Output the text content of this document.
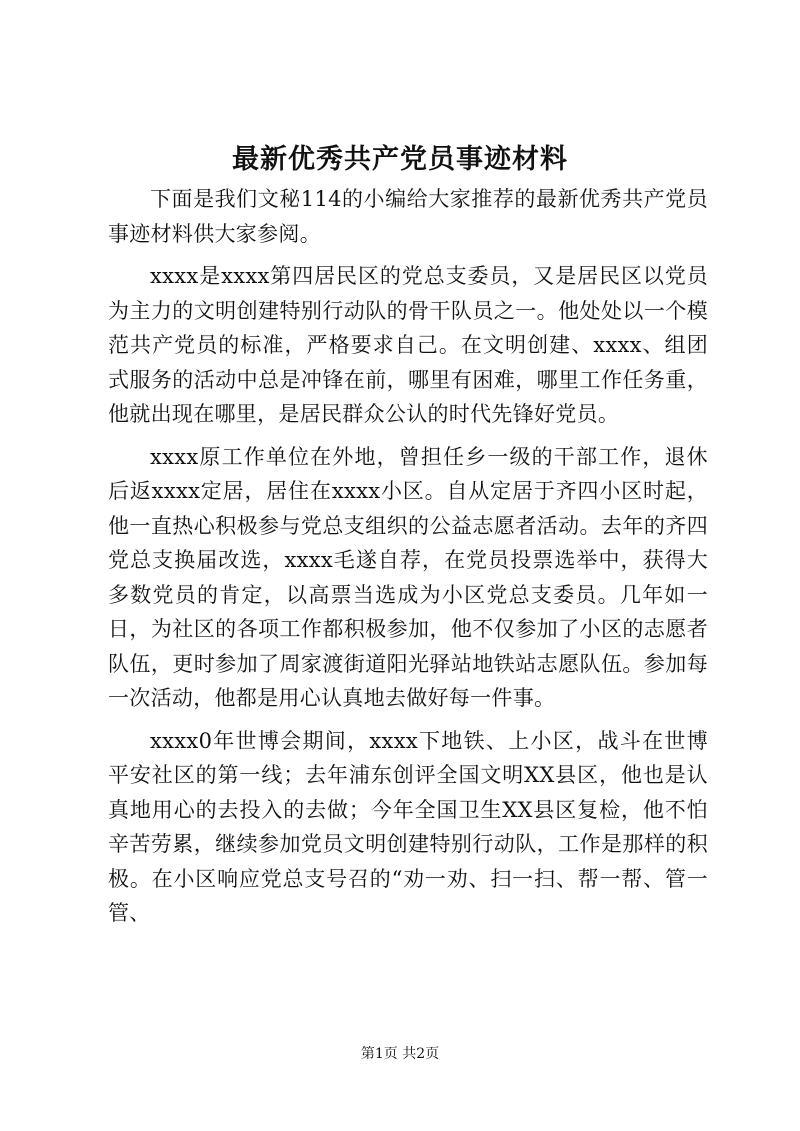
最新优秀共产党员事迹材料

下面是我们文秘114的小编给大家推荐的最新优秀共产党员事迹材料供大家参阅。

xxxx是xxxx第四居民区的党总支委员，又是居民区以党员为主力的文明创建特别行动队的骨干队员之一。他处处以一个模范共产党员的标准，严格要求自己。在文明创建、xxxx、组团式服务的活动中总是冲锋在前，哪里有困难，哪里工作任务重，他就出现在哪里，是居民群众公认的时代先锋好党员。

xxxx原工作单位在外地，曾担任乡一级的干部工作，退休后返xxxx定居，居住在xxxx小区。自从定居于齐四小区时起，他一直热心积极参与党总支组织的公益志愿者活动。去年的齐四党总支换届改选，xxxx毛遂自荐，在党员投票选举中，获得大多数党员的肯定，以高票当选成为小区党总支委员。几年如一日，为社区的各项工作都积极参加，他不仅参加了小区的志愿者队伍，更时参加了周家渡街道阳光驿站地铁站志愿队伍。参加每一次活动，他都是用心认真地去做好每一件事。

xxxx0年世博会期间，xxxx下地铁、上小区，战斗在世博平安社区的第一线；去年浦东创评全国文明XX县区，他也是认真地用心的去投入的去做；今年全国卫生XX县区复检，他不怕辛苦劳累，继续参加党员文明创建特别行动队，工作是那样的积极。在小区响应党总支号召的“劝一劝、扫一扫、帮一帮、管一管、

第1页 共2页
